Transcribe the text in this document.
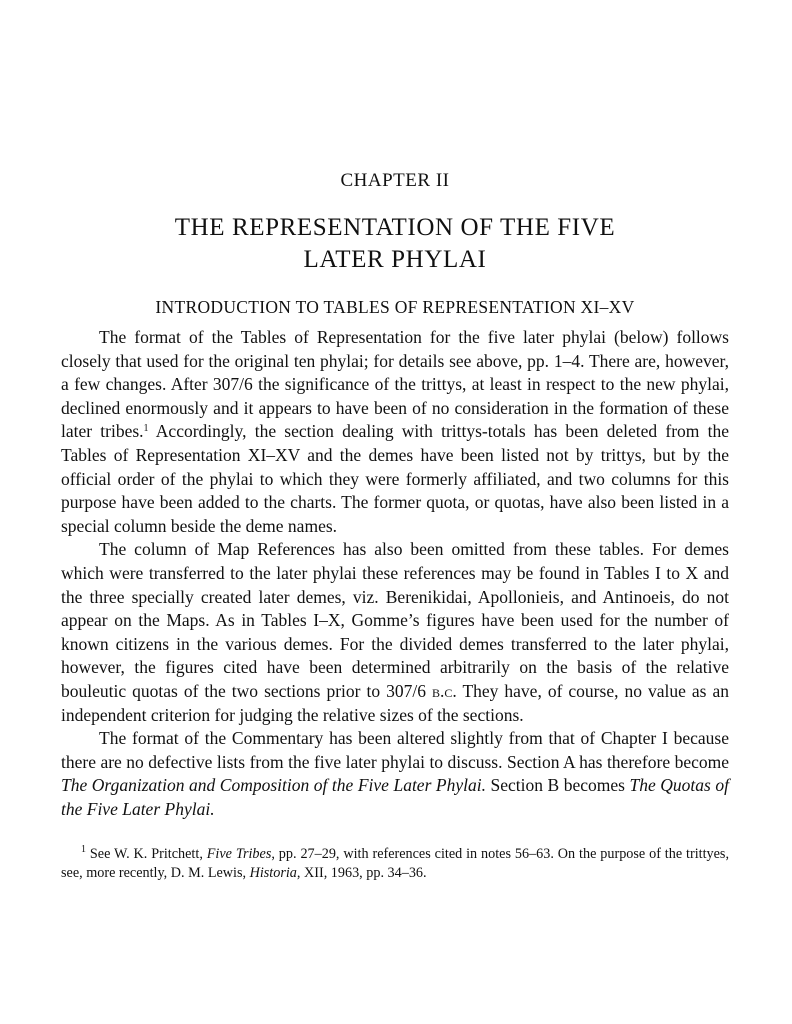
CHAPTER II
THE REPRESENTATION OF THE FIVE
LATER PHYLAI
INTRODUCTION TO TABLES OF REPRESENTATION XI–XV

The format of the Tables of Representation for the five later phylai (below) follows closely that used for the original ten phylai; for details see above, pp. 1–4. There are, however, a few changes. After 307/6 the significance of the trittys, at least in respect to the new phylai, declined enormously and it appears to have been of no consideration in the formation of these later tribes.$^1$ Accordingly, the section dealing with trittys-totals has been deleted from the Tables of Representation XI–XV and the demes have been listed not by trittys, but by the official order of the phylai to which they were formerly affiliated, and two columns for this purpose have been added to the charts. The former quota, or quotas, have also been listed in a special column beside the deme names.

The column of Map References has also been omitted from these tables. For demes which were transferred to the later phylai these references may be found in Tables I to X and the three specially created later demes, viz. Berenikidai, Apollonieis, and Antinoeis, do not appear on the Maps. As in Tables I–X, Gomme’s figures have been used for the number of known citizens in the various demes. For the divided demes transferred to the later phylai, however, the figures cited have been determined arbitrarily on the basis of the relative bouleutic quotas of the two sections prior to 307/6 b.c. They have, of course, no value as an independent criterion for judging the relative sizes of the sections.

The format of the Commentary has been altered slightly from that of Chapter I because there are no defective lists from the five later phylai to discuss. Section A has therefore become The Organization and Composition of the Five Later Phylai. Section B becomes The Quotas of the Five Later Phylai.

$^1$ See W. K. Pritchett, Five Tribes, pp. 27–29, with references cited in notes 56–63. On the purpose of the trittyes, see, more recently, D. M. Lewis, Historia, XII, 1963, pp. 34–36.
